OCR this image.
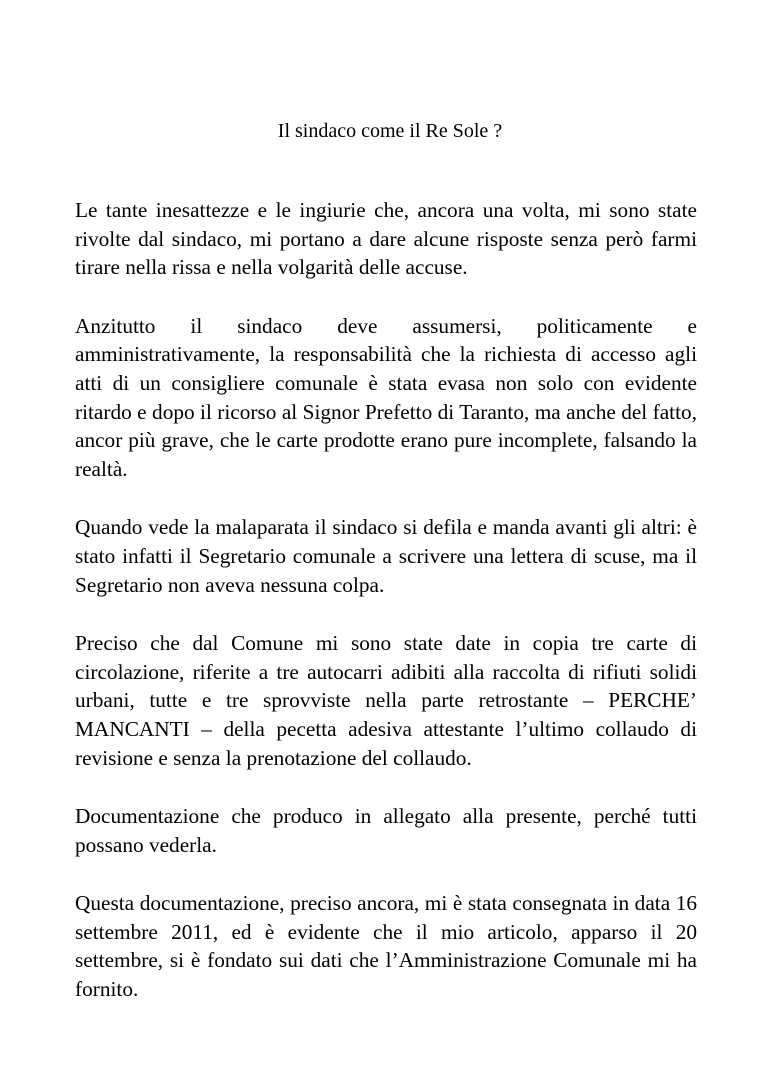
Il sindaco come il Re Sole ?

Le tante inesattezze e le ingiurie che, ancora una volta, mi sono state rivolte dal sindaco, mi portano a dare alcune risposte senza però farmi tirare nella rissa e nella volgarità delle accuse.

Anzitutto il sindaco deve assumersi, politicamente e amministrativamente, la responsabilità che la richiesta di accesso agli atti di un consigliere comunale è stata evasa non solo con evidente ritardo e dopo il ricorso al Signor Prefetto di Taranto, ma anche del fatto, ancor più grave, che le carte prodotte erano pure incomplete, falsando la realtà.

Quando vede la malaparata il sindaco si defila e manda avanti gli altri: è stato infatti il Segretario comunale a scrivere una lettera di scuse, ma il Segretario non aveva nessuna colpa.

Preciso che dal Comune mi sono state date in copia tre carte di circolazione, riferite a tre autocarri adibiti alla raccolta di rifiuti solidi urbani, tutte e tre sprovviste nella parte retrostante – PERCHE’ MANCANTI – della pecetta adesiva attestante l’ultimo collaudo di revisione e senza la prenotazione del collaudo.

Documentazione che produco in allegato alla presente, perché tutti possano vederla.

Questa documentazione, preciso ancora, mi è stata consegnata in data 16 settembre 2011, ed è evidente che il mio articolo, apparso il 20 settembre, si è fondato sui dati che l’Amministrazione Comunale mi ha fornito.
